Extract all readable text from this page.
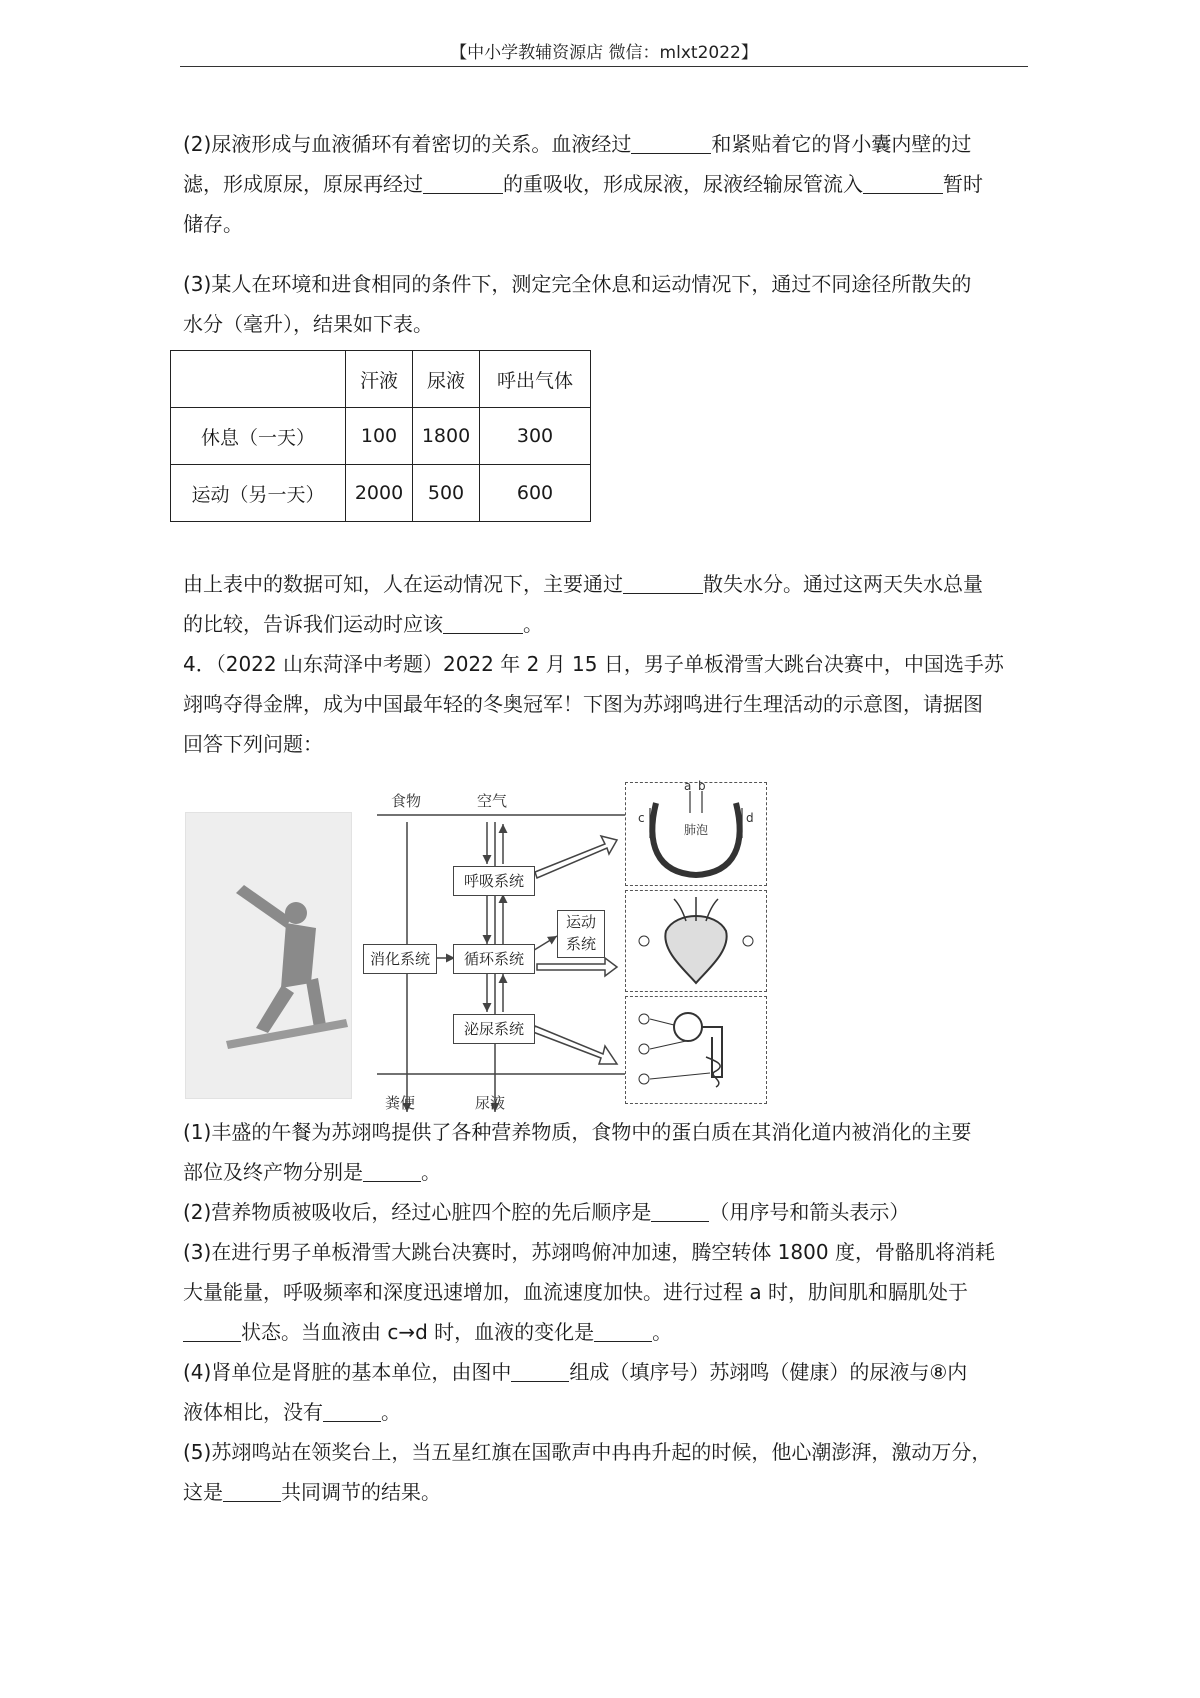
【中小学教辅资源店 微信：mlxt2022】
(2)尿液形成与血液循环有着密切的关系。血液经过	和紧贴着它的肾小囊内壁的过
滤，形成原尿，原尿再经过	的重吸收，形成尿液，尿液经输尿管流入	暂时
储存。
(3)某人在环境和进食相同的条件下，测定完全休息和运动情况下，通过不同途径所散失的
水分（毫升），结果如下表。
	汗液	尿液	呼出气体
休息（一天）	100	1800	300
运动（另一天）	2000	500	600
由上表中的数据可知，人在运动情况下，主要通过	散失水分。通过这两天失水总量
的比较，告诉我们运动时应该	。
4．（2022 山东菏泽中考题）2022 年 2 月 15 日，男子单板滑雪大跳台决赛中，中国选手苏
翊鸣夺得金牌，成为中国最年轻的冬奥冠军！下图为苏翊鸣进行生理活动的示意图，请据图
回答下列问题：
食物	空气
呼吸系统
消化系统	循环系统
运动
系统
泌尿系统
粪便	尿液
a b
c	d
肺泡
(1)丰盛的午餐为苏翊鸣提供了各种营养物质，食物中的蛋白质在其消化道内被消化的主要
部位及终产物分别是	。
(2)营养物质被吸收后，经过心脏四个腔的先后顺序是	（用序号和箭头表示）
(3)在进行男子单板滑雪大跳台决赛时，苏翊鸣俯冲加速，腾空转体 1800 度，骨骼肌将消耗
大量能量，呼吸频率和深度迅速增加，血流速度加快。进行过程 a 时，肋间肌和膈肌处于
状态。当血液由 c→d 时，血液的变化是	。
(4)肾单位是肾脏的基本单位，由图中	组成（填序号）苏翊鸣（健康）的尿液与⑧内
液体相比，没有	。
(5)苏翊鸣站在领奖台上，当五星红旗在国歌声中冉冉升起的时候，他心潮澎湃，激动万分，
这是	共同调节的结果。
